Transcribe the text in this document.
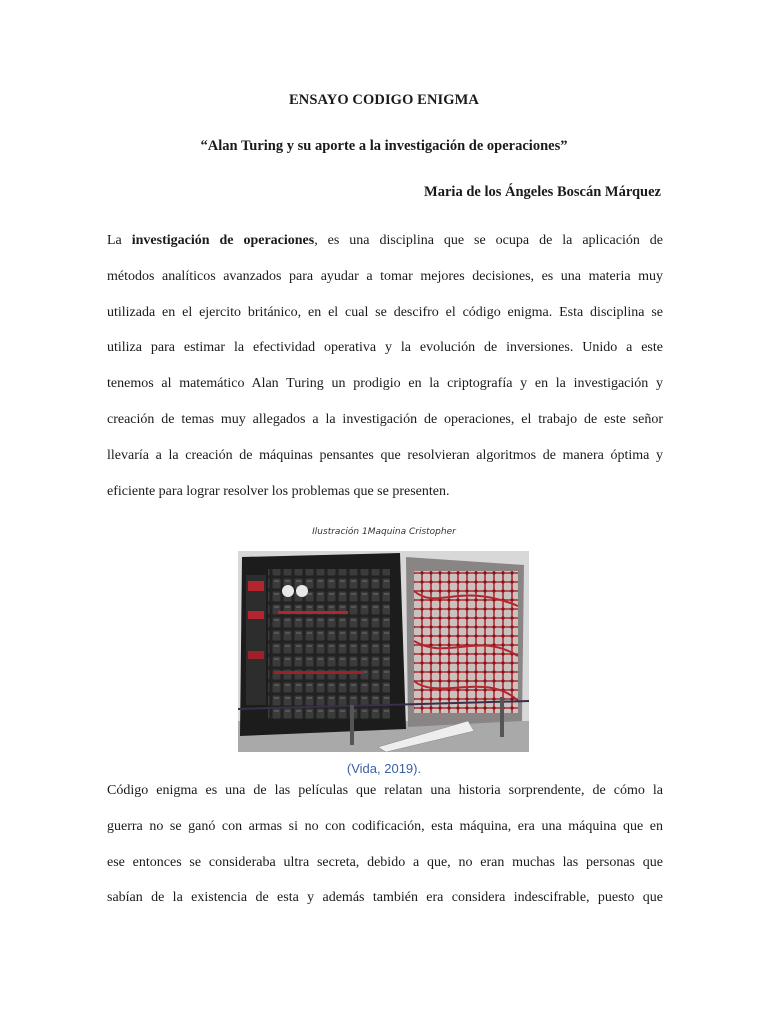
ENSAYO CODIGO ENIGMA
“Alan Turing y su aporte a la investigación de operaciones”
Maria de los Ángeles Boscán Márquez

La investigación de operaciones, es una disciplina que se ocupa de la aplicación de
métodos analíticos avanzados para ayudar a tomar mejores decisiones, es una materia muy
utilizada en el ejercito británico, en el cual se descifro el código enigma. Esta disciplina se
utiliza para estimar la efectividad operativa y la evolución de inversiones. Unido a este
tenemos al matemático Alan Turing un prodigio en la criptografía y en la investigación y
creación de temas muy allegados a la investigación de operaciones, el trabajo de este señor
llevaría a la creación de máquinas pensantes que resolvieran algoritmos de manera óptima y
eficiente para lograr resolver los problemas que se presenten.

Ilustración 1Maquina Cristopher
(Vida, 2019).

Código enigma es una de las películas que relatan una historia sorprendente, de cómo la
guerra no se ganó con armas si no con codificación, esta máquina, era una máquina que en
ese entonces se consideraba ultra secreta, debido a que, no eran muchas las personas que
sabían de la existencia de esta y además también era considera indescifrable, puesto que
